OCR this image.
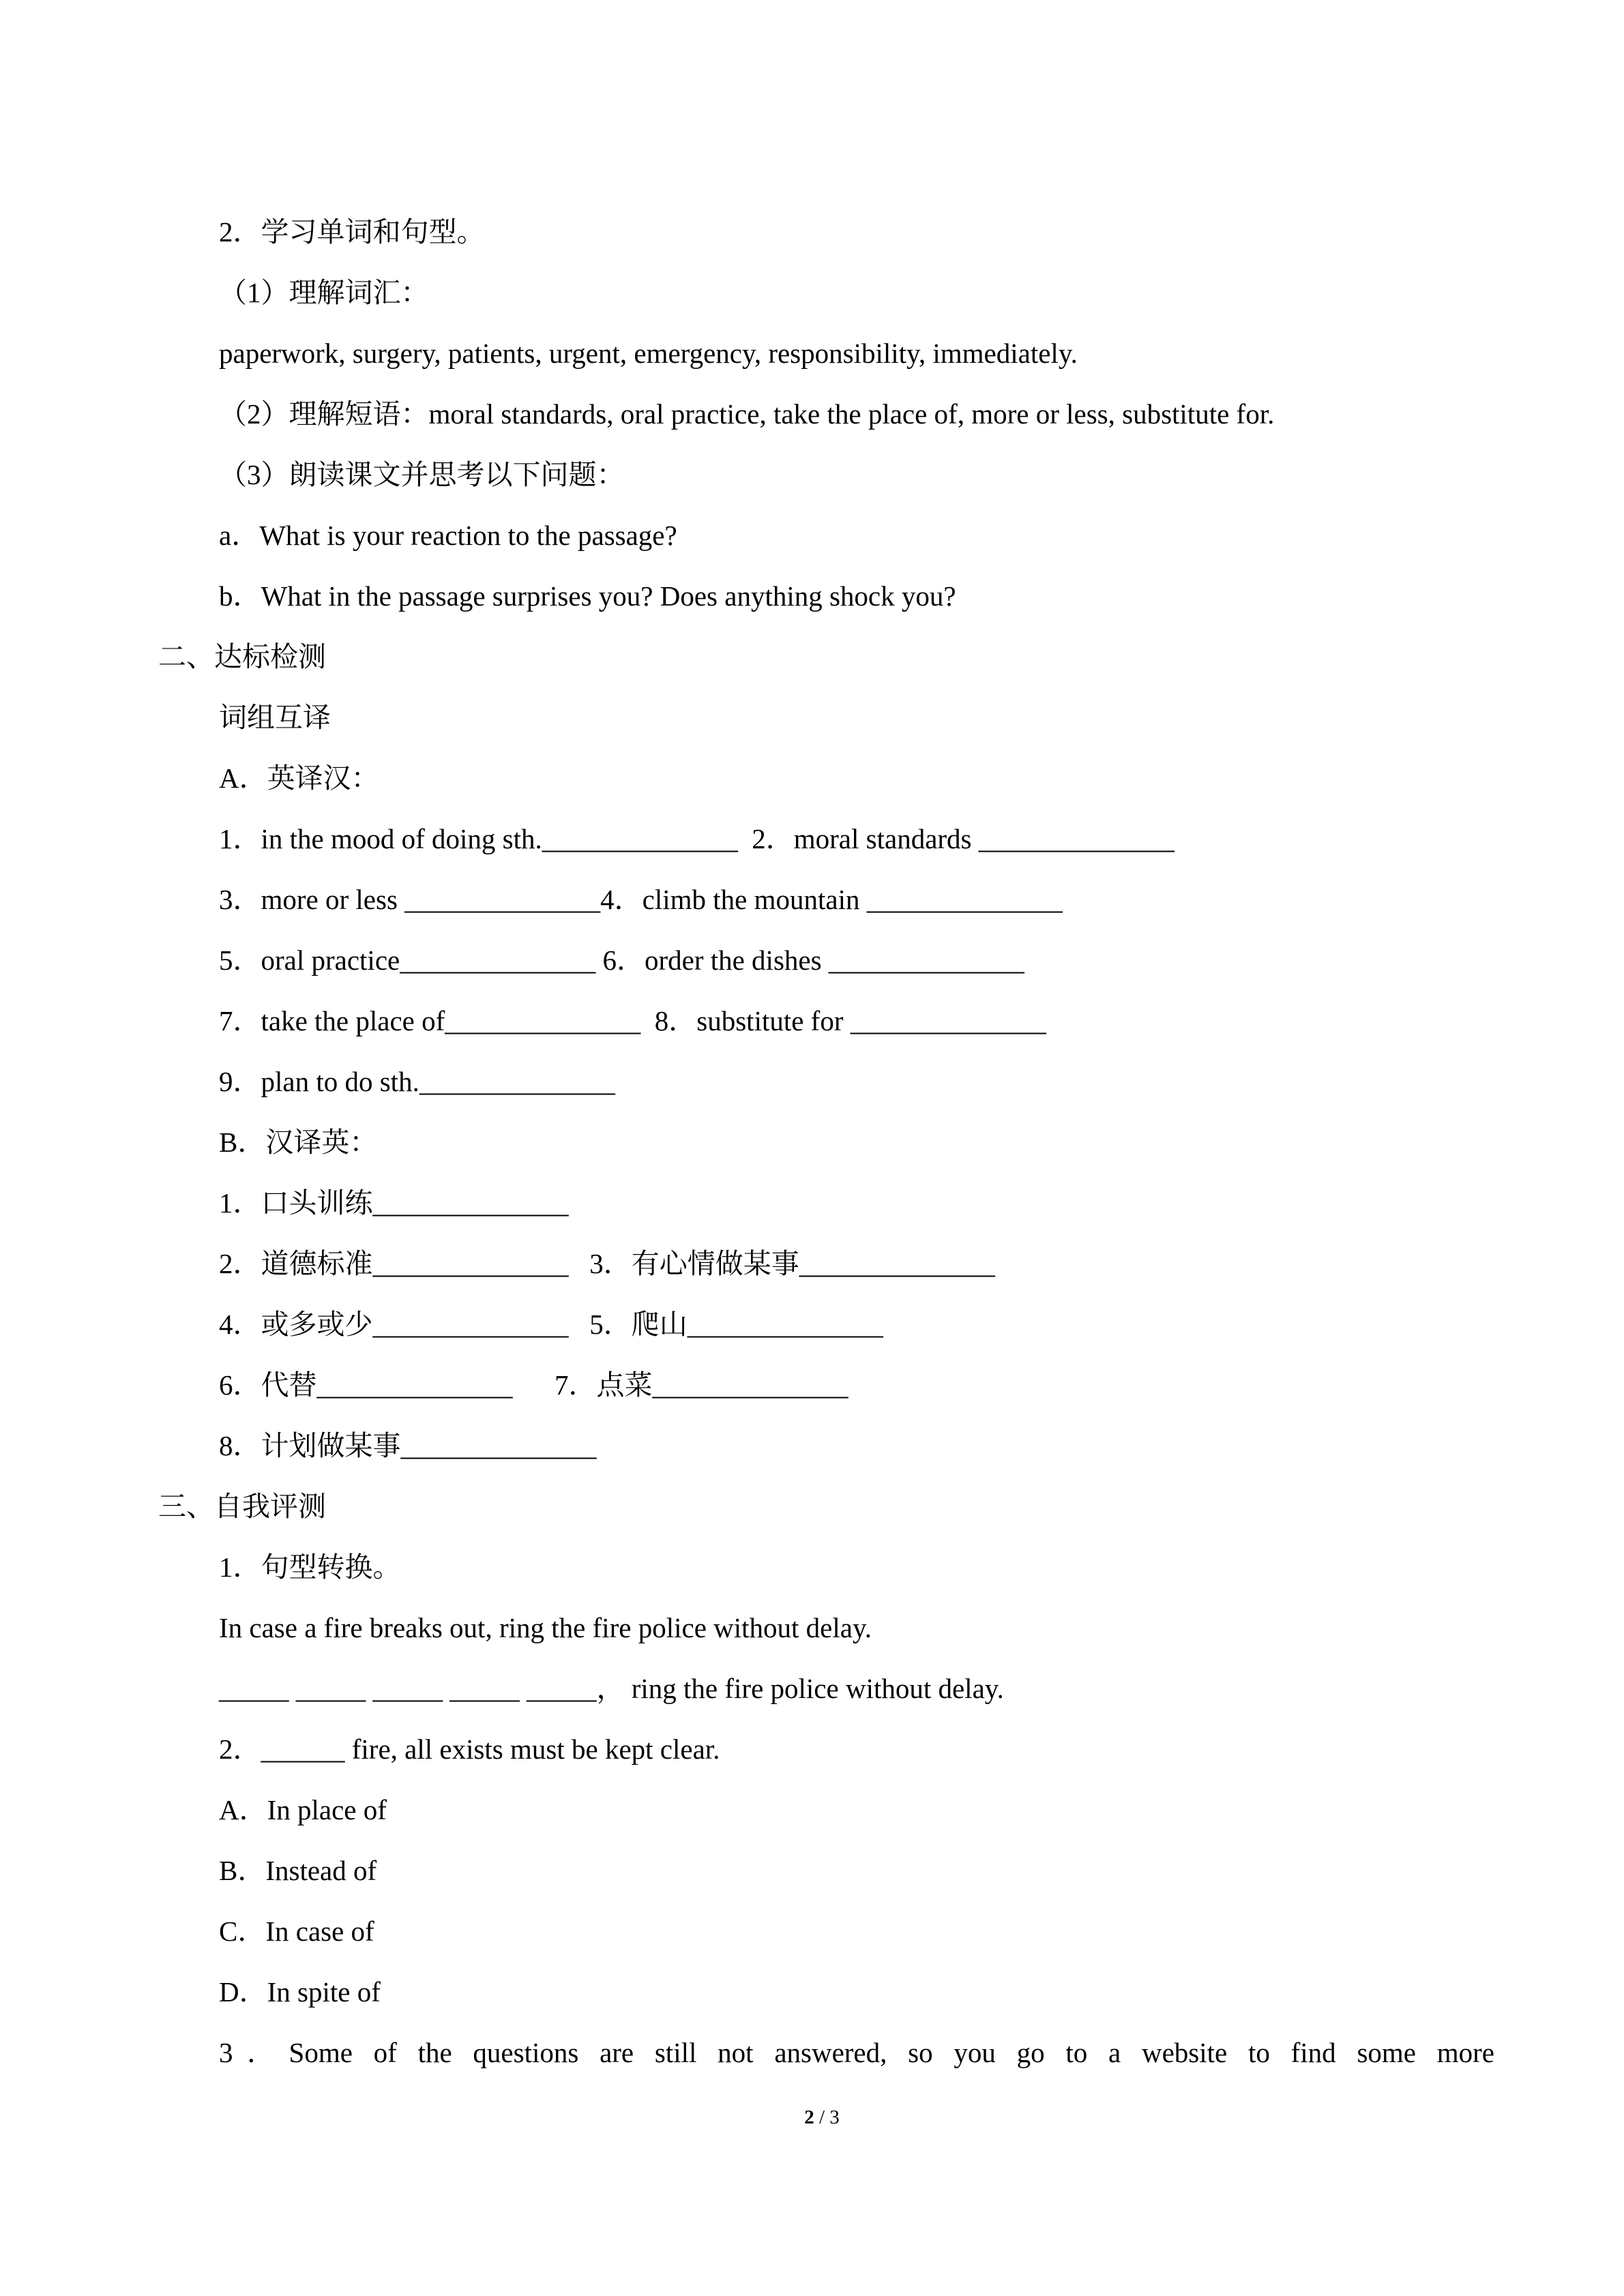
2．学习单词和句型。
（1）理解词汇：
paperwork, surgery, patients, urgent, emergency, responsibility, immediately.
（2）理解短语：moral standards, oral practice, take the place of, more or less, substitute for.
（3）朗读课文并思考以下问题：
a．What is your reaction to the passage?
b．What in the passage surprises you? Does anything shock you?
二、达标检测
词组互译
A．英译汉：
1．in the mood of doing sth.______________  2．moral standards ______________
3．more or less ______________4．climb the mountain ______________
5．oral practice______________ 6．order the dishes ______________
7．take the place of______________  8．substitute for ______________
9．plan to do sth.______________
B．汉译英：
1．口头训练______________
2．道德标准______________   3．有心情做某事______________
4．或多或少______________   5．爬山______________
6．代替______________      7．点菜______________
8．计划做某事______________
三、自我评测
1．句型转换。
In case a fire breaks out, ring the fire police without delay.
_____ _____ _____ _____ _____， ring the fire police without delay.
2．______ fire, all exists must be kept clear.
A．In place of
B．Instead of
C．In case of
D．In spite of
3．Some of the questions are still not answered, so you go to a website to find some more

2 / 3
